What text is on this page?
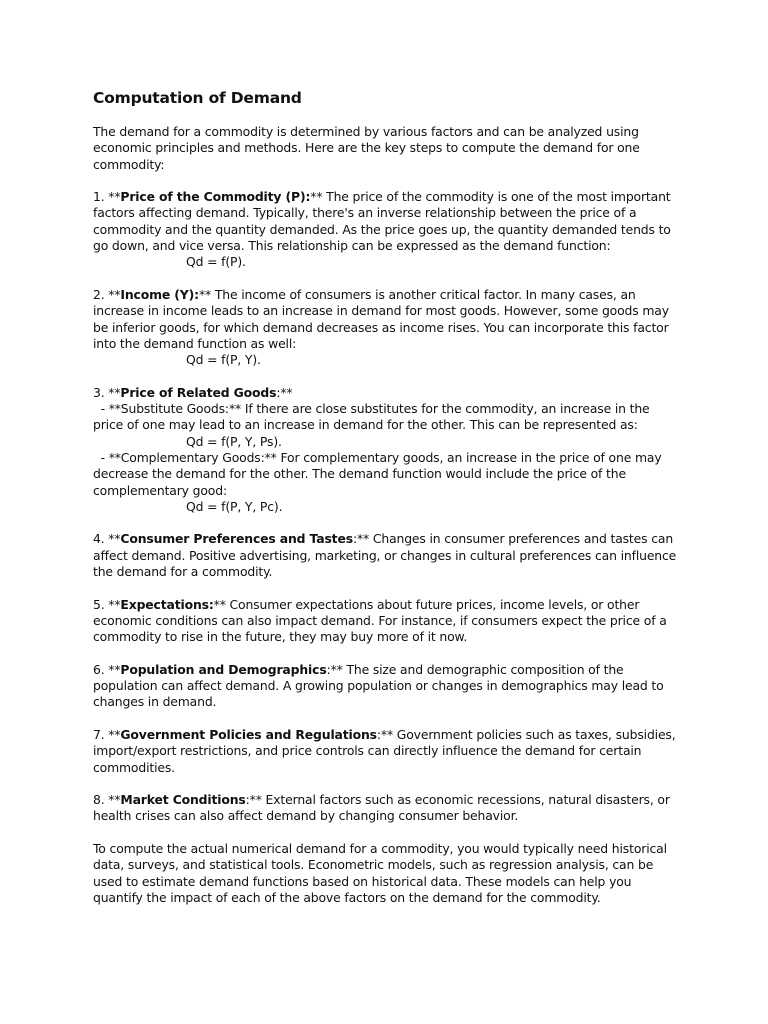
Computation of Demand

The demand for a commodity is determined by various factors and can be analyzed using economic principles and methods. Here are the key steps to compute the demand for one commodity:

1. **Price of the Commodity (P):** The price of the commodity is one of the most important factors affecting demand. Typically, there's an inverse relationship between the price of a commodity and the quantity demanded. As the price goes up, the quantity demanded tends to go down, and vice versa. This relationship can be expressed as the demand function:
Qd = f(P).

2. **Income (Y):** The income of consumers is another critical factor. In many cases, an increase in income leads to an increase in demand for most goods. However, some goods may be inferior goods, for which demand decreases as income rises. You can incorporate this factor into the demand function as well:
Qd = f(P, Y).

3. **Price of Related Goods:**
- **Substitute Goods:** If there are close substitutes for the commodity, an increase in the price of one may lead to an increase in demand for the other. This can be represented as:
Qd = f(P, Y, Ps).
- **Complementary Goods:** For complementary goods, an increase in the price of one may decrease the demand for the other. The demand function would include the price of the complementary good:
Qd = f(P, Y, Pc).

4. **Consumer Preferences and Tastes:** Changes in consumer preferences and tastes can affect demand. Positive advertising, marketing, or changes in cultural preferences can influence the demand for a commodity.

5. **Expectations:** Consumer expectations about future prices, income levels, or other economic conditions can also impact demand. For instance, if consumers expect the price of a commodity to rise in the future, they may buy more of it now.

6. **Population and Demographics:** The size and demographic composition of the population can affect demand. A growing population or changes in demographics may lead to changes in demand.

7. **Government Policies and Regulations:** Government policies such as taxes, subsidies, import/export restrictions, and price controls can directly influence the demand for certain commodities.

8. **Market Conditions:** External factors such as economic recessions, natural disasters, or health crises can also affect demand by changing consumer behavior.

To compute the actual numerical demand for a commodity, you would typically need historical data, surveys, and statistical tools. Econometric models, such as regression analysis, can be used to estimate demand functions based on historical data. These models can help you quantify the impact of each of the above factors on the demand for the commodity.
